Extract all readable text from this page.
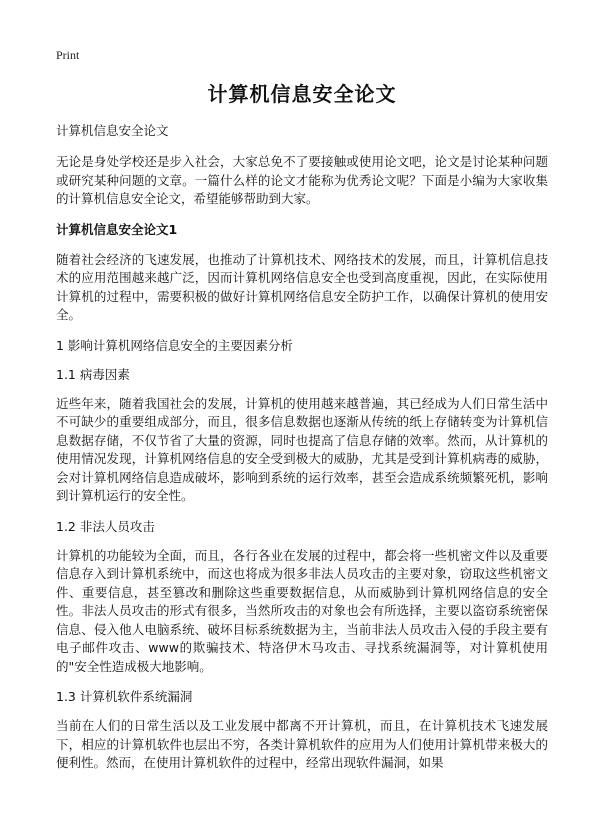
Print
计算机信息安全论文
计算机信息安全论文

无论是身处学校还是步入社会，大家总免不了要接触或使用论文吧，论文是讨论某种问题或研究某种问题的文章。一篇什么样的论文才能称为优秀论文呢？下面是小编为大家收集的计算机信息安全论文，希望能够帮助到大家。

计算机信息安全论文1

随着社会经济的飞速发展，也推动了计算机技术、网络技术的发展，而且，计算机信息技术的应用范围越来越广泛，因而计算机网络信息安全也受到高度重视，因此，在实际使用计算机的过程中，需要积极的做好计算机网络信息安全防护工作，以确保计算机的使用安全。

1 影响计算机网络信息安全的主要因素分析
1.1 病毒因素

近些年来，随着我国社会的发展，计算机的使用越来越普遍，其已经成为人们日常生活中不可缺少的重要组成部分，而且，很多信息数据也逐渐从传统的纸上存储转变为计算机信息数据存储，不仅节省了大量的资源，同时也提高了信息存储的效率。然而，从计算机的使用情况发现，计算机网络信息的安全受到极大的威胁，尤其是受到计算机病毒的威胁，会对计算机网络信息造成破坏，影响到系统的运行效率，甚至会造成系统频繁死机，影响到计算机运行的安全性。

1.2 非法人员攻击

计算机的功能较为全面，而且，各行各业在发展的过程中，都会将一些机密文件以及重要信息存入到计算机系统中，而这也将成为很多非法人员攻击的主要对象，窃取这些机密文件、重要信息，甚至篡改和删除这些重要数据信息，从而威胁到计算机网络信息的安全性。非法人员攻击的形式有很多，当然所攻击的对象也会有所选择，主要以盗窃系统密保信息、侵入他人电脑系统、破坏目标系统数据为主，当前非法人员攻击入侵的手段主要有电子邮件攻击、www的欺骗技术、特洛伊木马攻击、寻找系统漏洞等，对计算机使用的"安全性造成极大地影响。

1.3 计算机软件系统漏洞

当前在人们的日常生活以及工业发展中都离不开计算机，而且，在计算机技术飞速发展下，相应的计算机软件也层出不穷，各类计算机软件的应用为人们使用计算机带来极大的便利性。然而，在使用计算机软件的过程中，经常出现软件漏洞，如果
